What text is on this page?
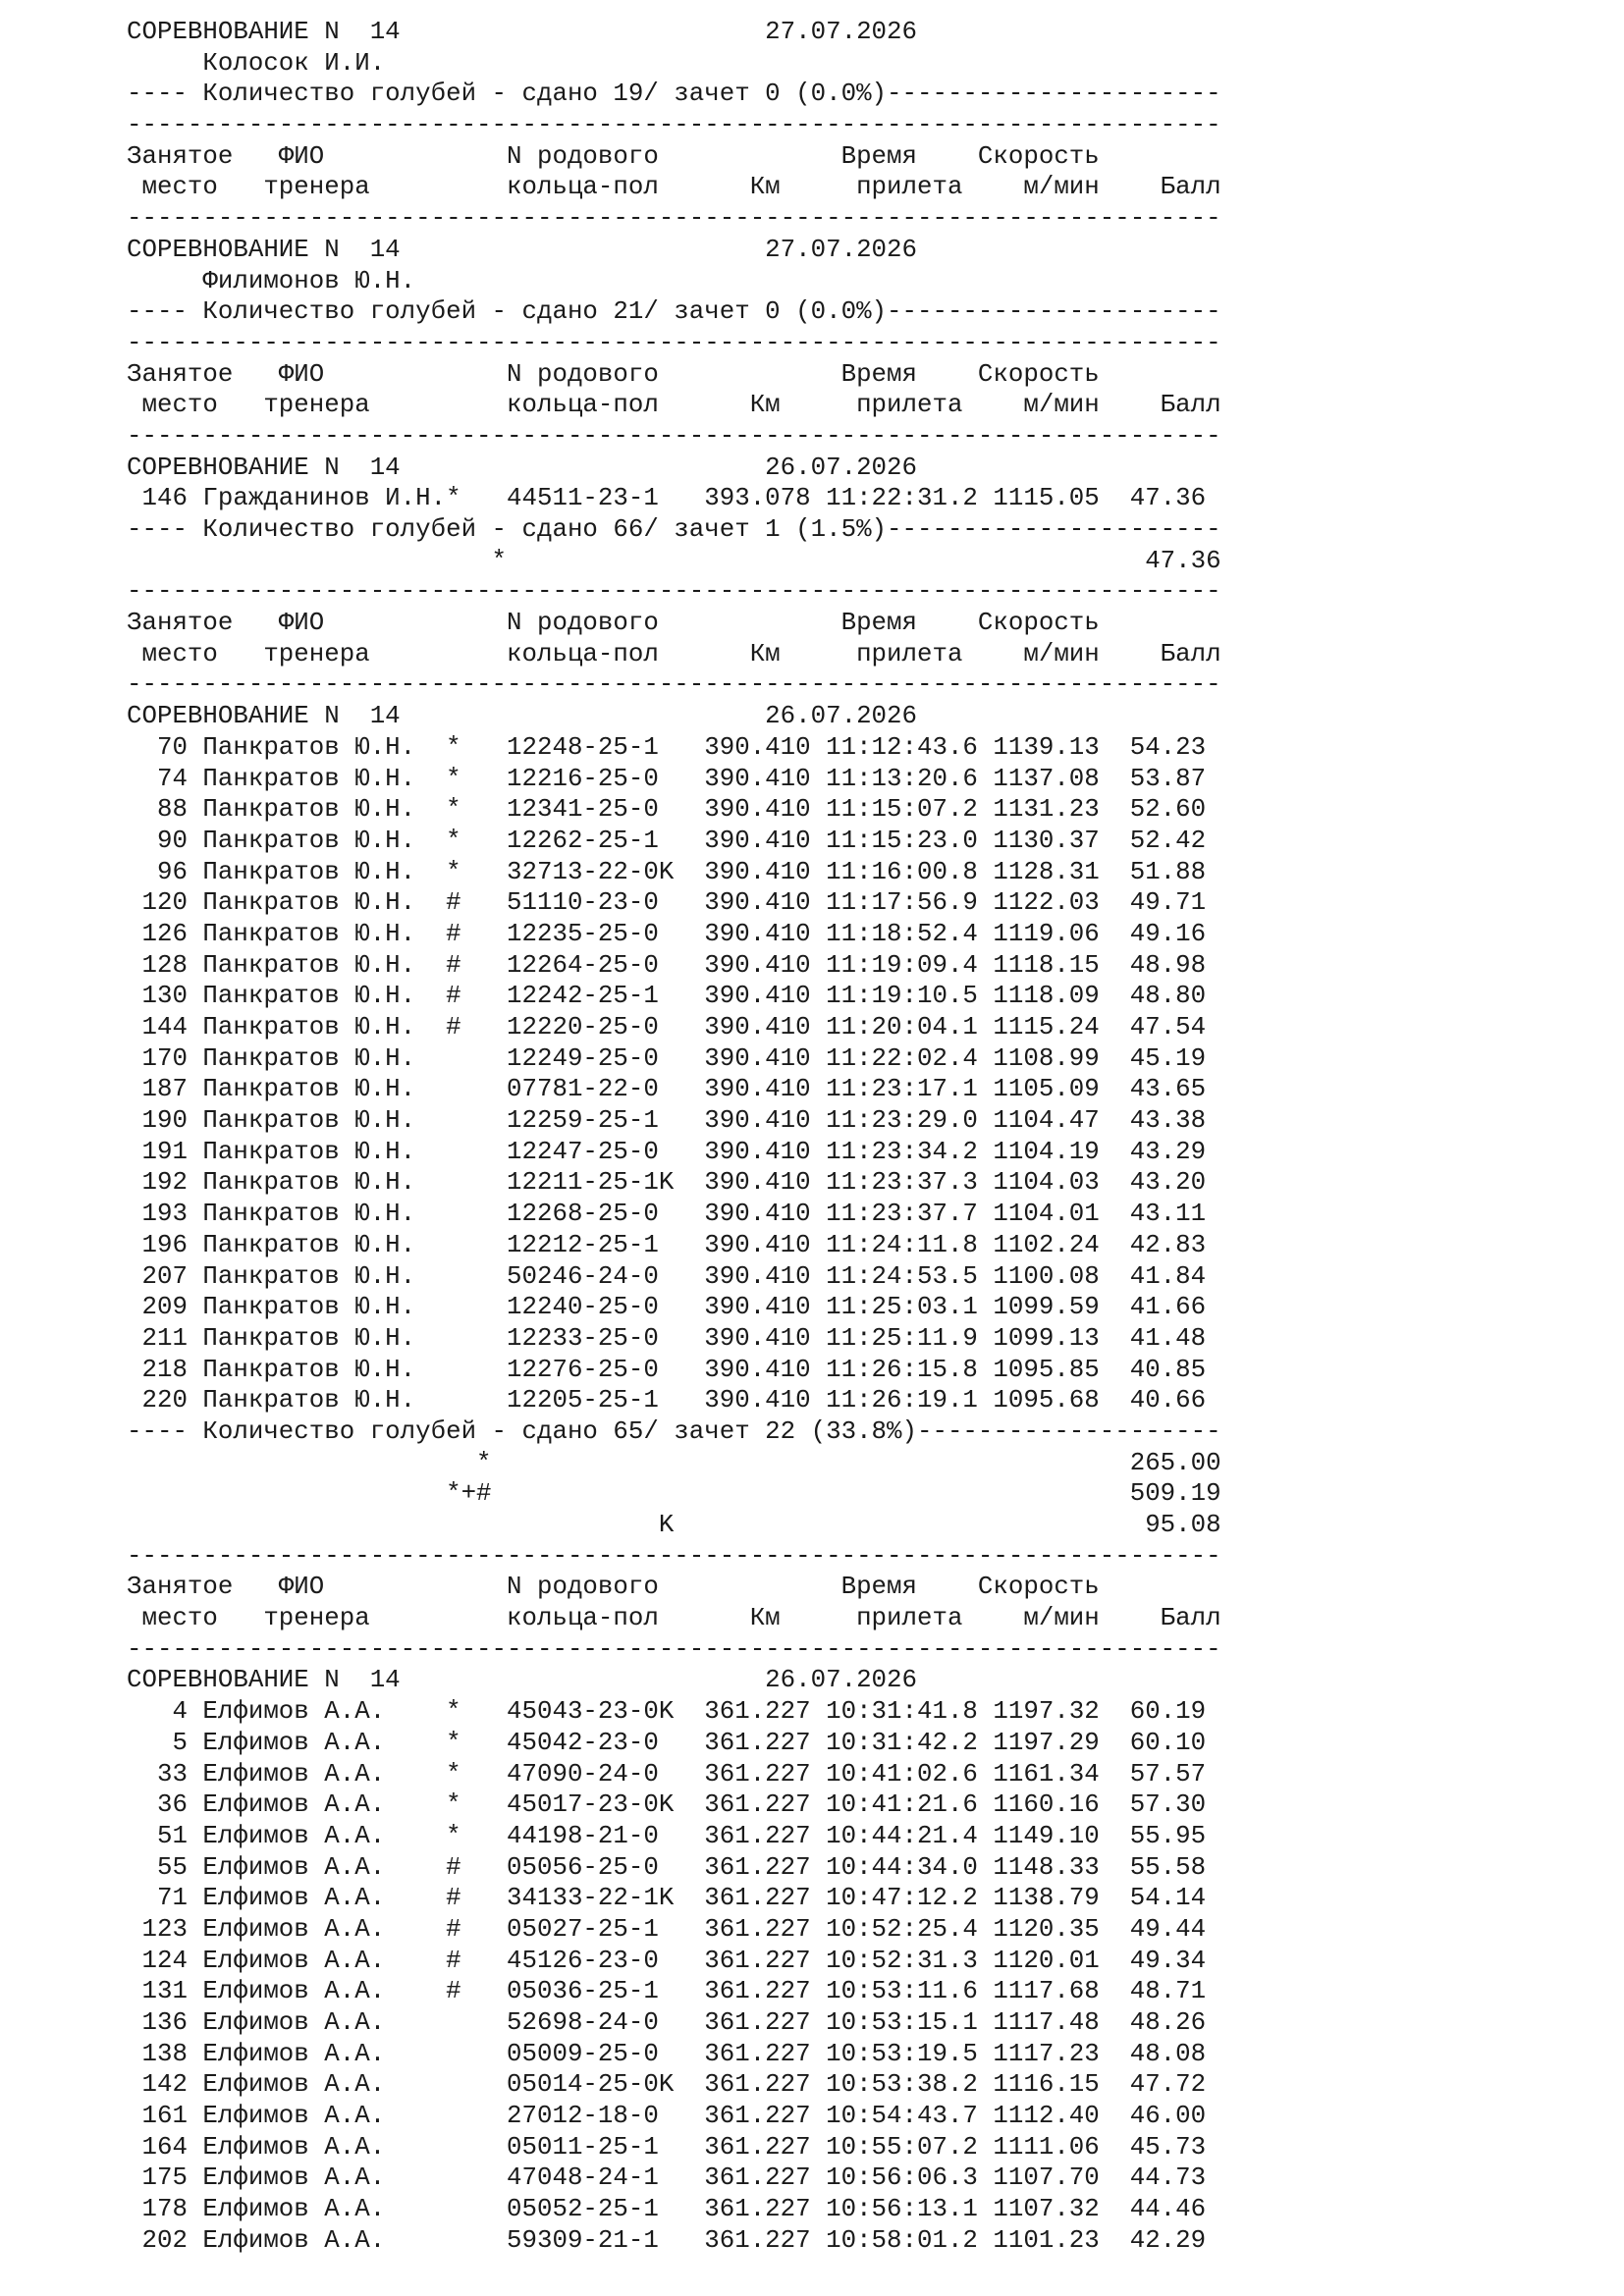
СОРЕВНОВАНИЕ N  14                        27.07.2026
Колосок И.И.
---- Количество голубей - сдано 19/ зачет 0 (0.0%)----------------------
------------------------------------------------------------------------
Занятое   ФИО            N родового            Время    Скорость
место   тренера         кольца-пол      Км     прилета    м/мин    Балл
------------------------------------------------------------------------
СОРЕВНОВАНИЕ N  14                        27.07.2026
Филимонов Ю.Н.
---- Количество голубей - сдано 21/ зачет 0 (0.0%)----------------------
------------------------------------------------------------------------
Занятое   ФИО            N родового            Время    Скорость
место   тренера         кольца-пол      Км     прилета    м/мин    Балл
------------------------------------------------------------------------
СОРЕВНОВАНИЕ N  14                        26.07.2026
146 Гражданинов И.Н.*   44511-23-1   393.078 11:22:31.2 1115.05  47.36
---- Количество голубей - сдано 66/ зачет 1 (1.5%)----------------------
*                                          47.36
------------------------------------------------------------------------
Занятое   ФИО            N родового            Время    Скорость
место   тренера         кольца-пол      Км     прилета    м/мин    Балл
------------------------------------------------------------------------
СОРЕВНОВАНИЕ N  14                        26.07.2026
70 Панкратов Ю.Н.  *   12248-25-1   390.410 11:12:43.6 1139.13  54.23
74 Панкратов Ю.Н.  *   12216-25-0   390.410 11:13:20.6 1137.08  53.87
88 Панкратов Ю.Н.  *   12341-25-0   390.410 11:15:07.2 1131.23  52.60
90 Панкратов Ю.Н.  *   12262-25-1   390.410 11:15:23.0 1130.37  52.42
96 Панкратов Ю.Н.  *   32713-22-0K  390.410 11:16:00.8 1128.31  51.88
120 Панкратов Ю.Н.  #   51110-23-0   390.410 11:17:56.9 1122.03  49.71
126 Панкратов Ю.Н.  #   12235-25-0   390.410 11:18:52.4 1119.06  49.16
128 Панкратов Ю.Н.  #   12264-25-0   390.410 11:19:09.4 1118.15  48.98
130 Панкратов Ю.Н.  #   12242-25-1   390.410 11:19:10.5 1118.09  48.80
144 Панкратов Ю.Н.  #   12220-25-0   390.410 11:20:04.1 1115.24  47.54
170 Панкратов Ю.Н.      12249-25-0   390.410 11:22:02.4 1108.99  45.19
187 Панкратов Ю.Н.      07781-22-0   390.410 11:23:17.1 1105.09  43.65
190 Панкратов Ю.Н.      12259-25-1   390.410 11:23:29.0 1104.47  43.38
191 Панкратов Ю.Н.      12247-25-0   390.410 11:23:34.2 1104.19  43.29
192 Панкратов Ю.Н.      12211-25-1K  390.410 11:23:37.3 1104.03  43.20
193 Панкратов Ю.Н.      12268-25-0   390.410 11:23:37.7 1104.01  43.11
196 Панкратов Ю.Н.      12212-25-1   390.410 11:24:11.8 1102.24  42.83
207 Панкратов Ю.Н.      50246-24-0   390.410 11:24:53.5 1100.08  41.84
209 Панкратов Ю.Н.      12240-25-0   390.410 11:25:03.1 1099.59  41.66
211 Панкратов Ю.Н.      12233-25-0   390.410 11:25:11.9 1099.13  41.48
218 Панкратов Ю.Н.      12276-25-0   390.410 11:26:15.8 1095.85  40.85
220 Панкратов Ю.Н.      12205-25-1   390.410 11:26:19.1 1095.68  40.66
---- Количество голубей - сдано 65/ зачет 22 (33.8%)--------------------
*                                          265.00
*+#                                          509.19
K                               95.08
------------------------------------------------------------------------
Занятое   ФИО            N родового            Время    Скорость
место   тренера         кольца-пол      Км     прилета    м/мин    Балл
------------------------------------------------------------------------
СОРЕВНОВАНИЕ N  14                        26.07.2026
4 Елфимов А.А.    *   45043-23-0K  361.227 10:31:41.8 1197.32  60.19
5 Елфимов А.А.    *   45042-23-0   361.227 10:31:42.2 1197.29  60.10
33 Елфимов А.А.    *   47090-24-0   361.227 10:41:02.6 1161.34  57.57
36 Елфимов А.А.    *   45017-23-0K  361.227 10:41:21.6 1160.16  57.30
51 Елфимов А.А.    *   44198-21-0   361.227 10:44:21.4 1149.10  55.95
55 Елфимов А.А.    #   05056-25-0   361.227 10:44:34.0 1148.33  55.58
71 Елфимов А.А.    #   34133-22-1K  361.227 10:47:12.2 1138.79  54.14
123 Елфимов А.А.    #   05027-25-1   361.227 10:52:25.4 1120.35  49.44
124 Елфимов А.А.    #   45126-23-0   361.227 10:52:31.3 1120.01  49.34
131 Елфимов А.А.    #   05036-25-1   361.227 10:53:11.6 1117.68  48.71
136 Елфимов А.А.        52698-24-0   361.227 10:53:15.1 1117.48  48.26
138 Елфимов А.А.        05009-25-0   361.227 10:53:19.5 1117.23  48.08
142 Елфимов А.А.        05014-25-0K  361.227 10:53:38.2 1116.15  47.72
161 Елфимов А.А.        27012-18-0   361.227 10:54:43.7 1112.40  46.00
164 Елфимов А.А.        05011-25-1   361.227 10:55:07.2 1111.06  45.73
175 Елфимов А.А.        47048-24-1   361.227 10:56:06.3 1107.70  44.73
178 Елфимов А.А.        05052-25-1   361.227 10:56:13.1 1107.32  44.46
202 Елфимов А.А.        59309-21-1   361.227 10:58:01.2 1101.23  42.29
